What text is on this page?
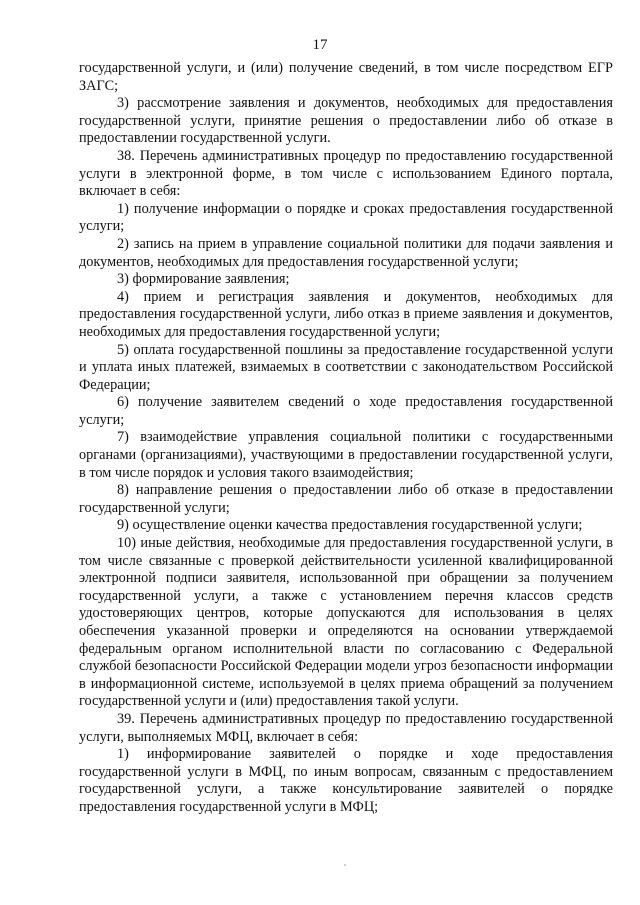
17

государственной услуги, и (или) получение сведений, в том числе посредством ЕГР ЗАГС;

3) рассмотрение заявления и документов, необходимых для предоставления государственной услуги, принятие решения о предоставлении либо об отказе в предоставлении государственной услуги.

38. Перечень административных процедур по предоставлению государственной услуги в электронной форме, в том числе с использованием Единого портала, включает в себя:

1) получение информации о порядке и сроках предоставления государственной услуги;

2) запись на прием в управление социальной политики для подачи заявления и документов, необходимых для предоставления государственной услуги;

3) формирование заявления;

4) прием и регистрация заявления и документов, необходимых для предоставления государственной услуги, либо отказ в приеме заявления и документов, необходимых для предоставления государственной услуги;

5) оплата государственной пошлины за предоставление государственной услуги и уплата иных платежей, взимаемых в соответствии с законодательством Российской Федерации;

6) получение заявителем сведений о ходе предоставления государственной услуги;

7) взаимодействие управления социальной политики с государственными органами (организациями), участвующими в предоставлении государственной услуги, в том числе порядок и условия такого взаимодействия;

8) направление решения о предоставлении либо об отказе в предоставлении государственной услуги;

9) осуществление оценки качества предоставления государственной услуги;

10) иные действия, необходимые для предоставления государственной услуги, в том числе связанные с проверкой действительности усиленной квалифицированной электронной подписи заявителя, использованной при обращении за получением государственной услуги, а также с установлением перечня классов средств удостоверяющих центров, которые допускаются для использования в целях обеспечения указанной проверки и определяются на основании утверждаемой федеральным органом исполнительной власти по согласованию с Федеральной службой безопасности Российской Федерации модели угроз безопасности информации в информационной системе, используемой в целях приема обращений за получением государственной услуги и (или) предоставления такой услуги.

39. Перечень административных процедур по предоставлению государственной услуги, выполняемых МФЦ, включает в себя:

1) информирование заявителей о порядке и ходе предоставления государственной услуги в МФЦ, по иным вопросам, связанным с предоставлением государственной услуги, а также консультирование заявителей о порядке предоставления государственной услуги в МФЦ;
